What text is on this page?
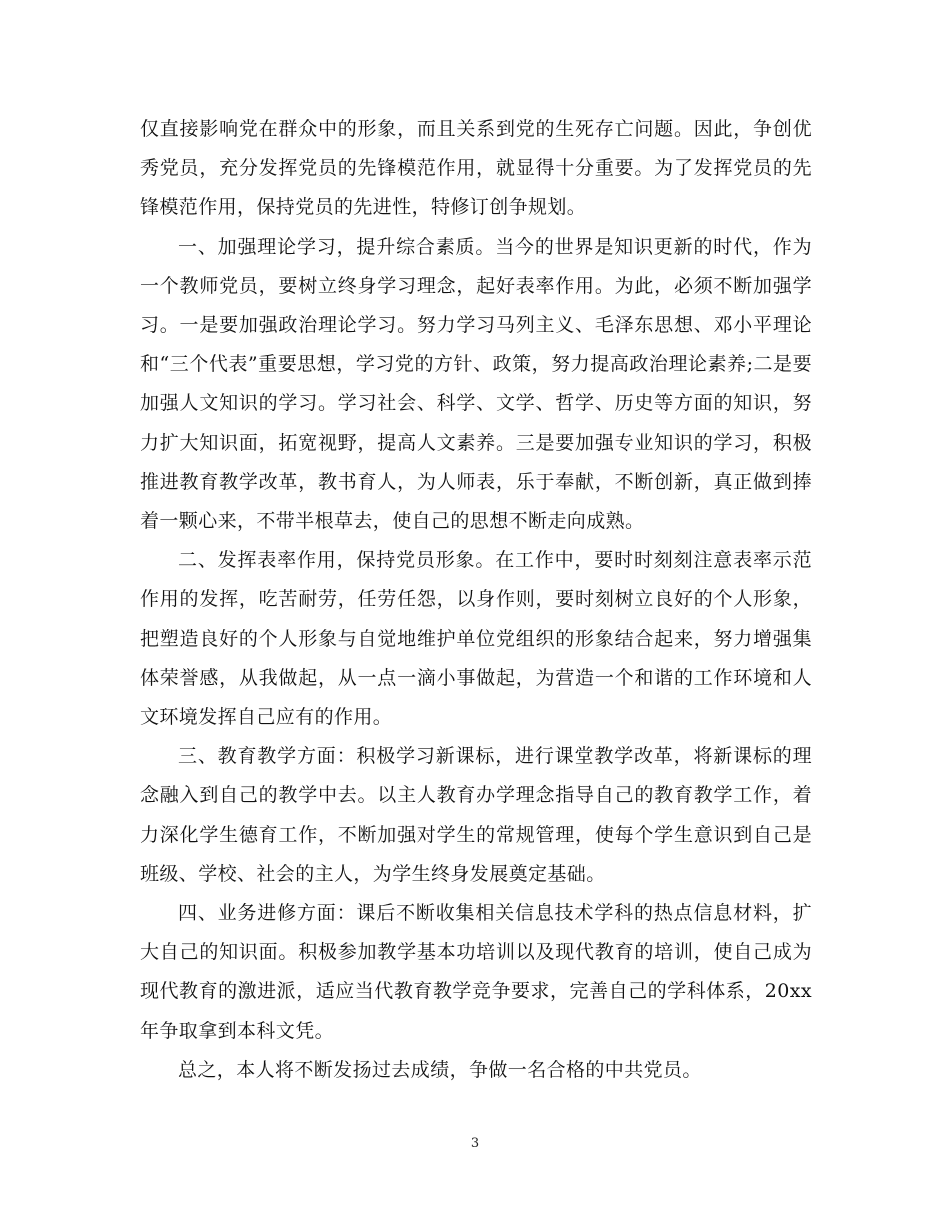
仅直接影响党在群众中的形象，而且关系到党的生死存亡问题。因此，争创优秀党员，充分发挥党员的先锋模范作用，就显得十分重要。为了发挥党员的先锋模范作用，保持党员的先进性，特修订创争规划。

一、加强理论学习，提升综合素质。当今的世界是知识更新的时代，作为一个教师党员，要树立终身学习理念，起好表率作用。为此，必须不断加强学习。一是要加强政治理论学习。努力学习马列主义、毛泽东思想、邓小平理论和“三个代表”重要思想，学习党的方针、政策，努力提高政治理论素养;二是要加强人文知识的学习。学习社会、科学、文学、哲学、历史等方面的知识，努力扩大知识面，拓宽视野，提高人文素养。三是要加强专业知识的学习，积极推进教育教学改革，教书育人，为人师表，乐于奉献，不断创新，真正做到捧着一颗心来，不带半根草去，使自己的思想不断走向成熟。

二、发挥表率作用，保持党员形象。在工作中，要时时刻刻注意表率示范作用的发挥，吃苦耐劳，任劳任怨，以身作则，要时刻树立良好的个人形象，把塑造良好的个人形象与自觉地维护单位党组织的形象结合起来，努力增强集体荣誉感，从我做起，从一点一滴小事做起，为营造一个和谐的工作环境和人文环境发挥自己应有的作用。

三、教育教学方面：积极学习新课标，进行课堂教学改革，将新课标的理念融入到自己的教学中去。以主人教育办学理念指导自己的教育教学工作，着力深化学生德育工作，不断加强对学生的常规管理，使每个学生意识到自己是班级、学校、社会的主人，为学生终身发展奠定基础。

四、业务进修方面：课后不断收集相关信息技术学科的热点信息材料，扩大自己的知识面。积极参加教学基本功培训以及现代教育的培训，使自己成为现代教育的激进派，适应当代教育教学竞争要求，完善自己的学科体系，20xx年争取拿到本科文凭。

总之，本人将不断发扬过去成绩，争做一名合格的中共党员。

3
